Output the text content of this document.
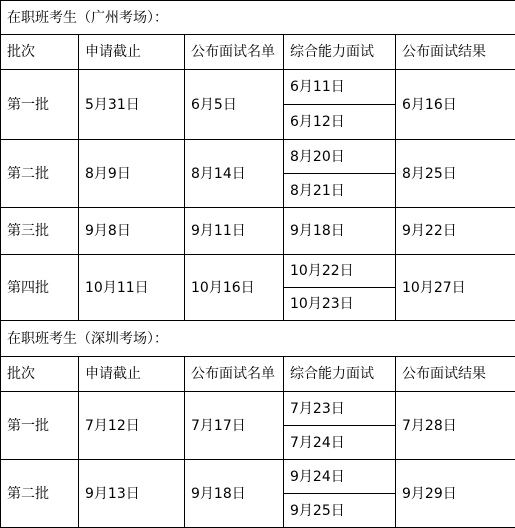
在职班考生（广州考场）：				
批次	申请截止	公布面试名单	综合能力面试	公布面试结果
第一批	5月31日	6月5日	6月11日	6月16日
			6月12日	
第二批	8月9日	8月14日	8月20日	8月25日
			8月21日	
第三批	9月8日	9月11日	9月18日	9月22日
第四批	10月11日	10月16日	10月22日	10月27日
			10月23日	
在职班考生（深圳考场）：				
批次	申请截止	公布面试名单	综合能力面试	公布面试结果
第一批	7月12日	7月17日	7月23日	7月28日
			7月24日	
第二批	9月13日	9月18日	9月24日	9月29日
			9月25日	
